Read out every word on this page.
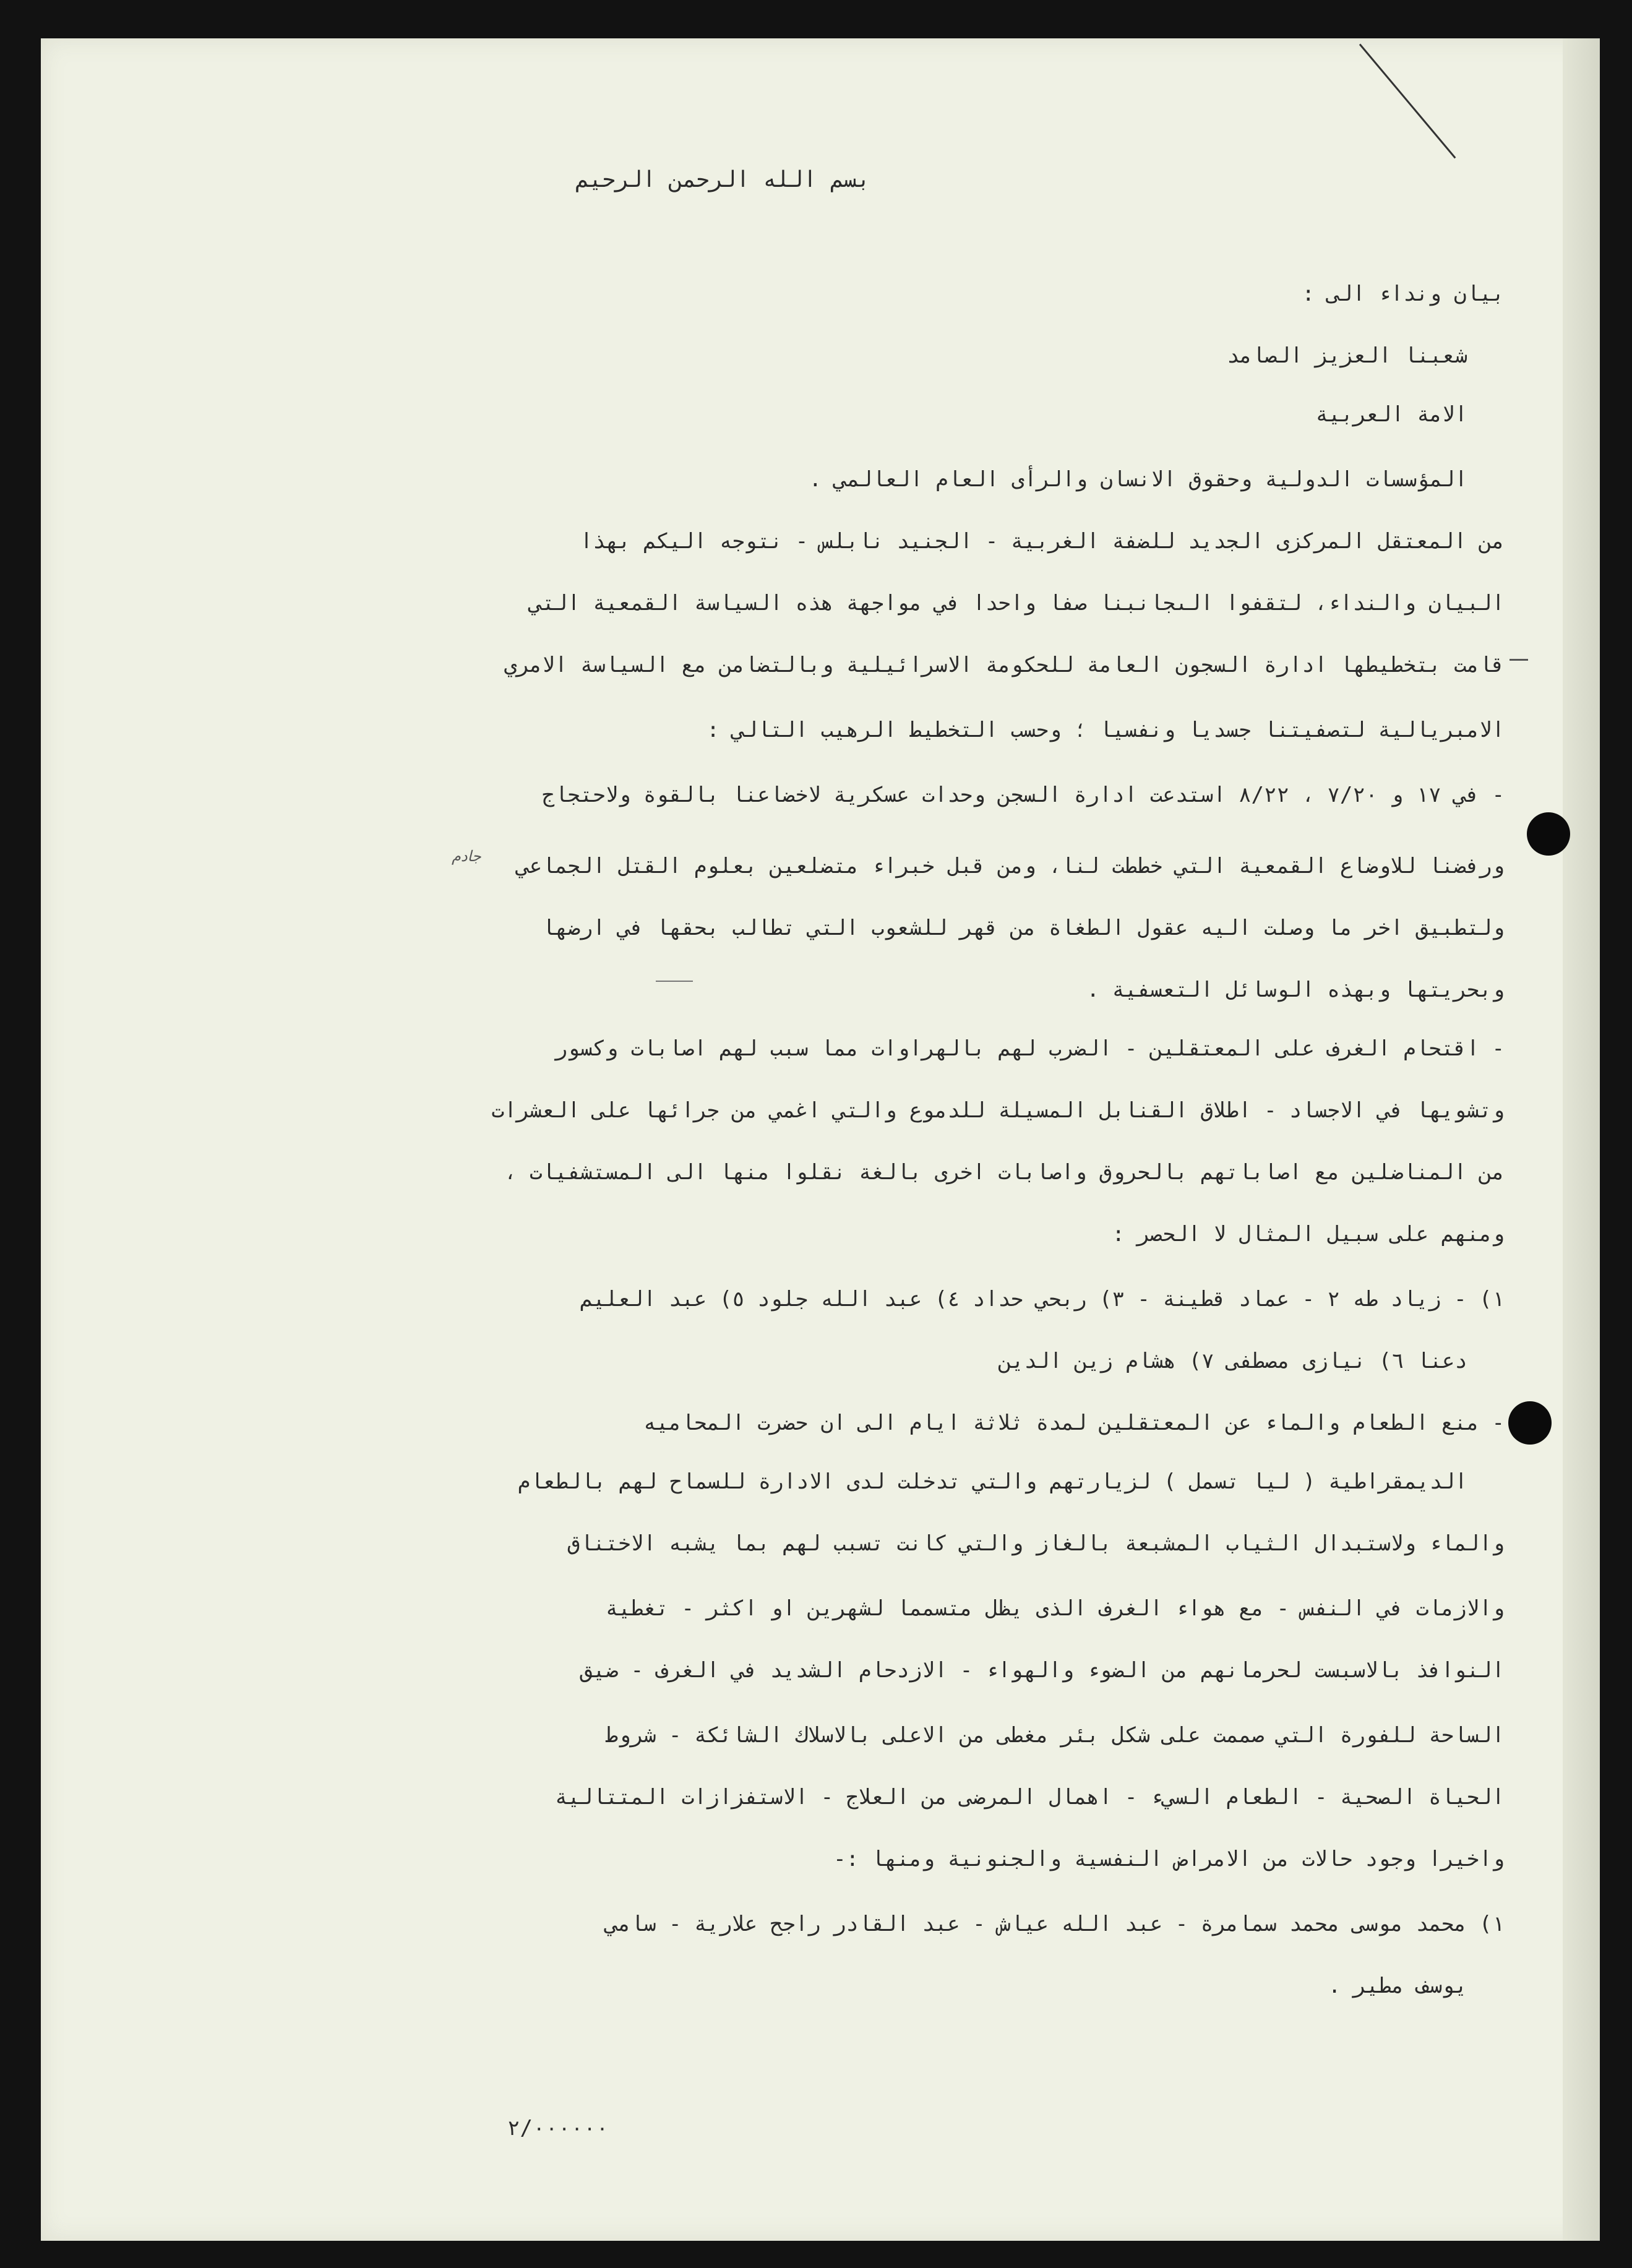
بسم الله الرحمن الرحيم
بيان ونداء الى :
شعبنا العزيز الصامد
الامة العربية
المؤسسات الدولية وحقوق الانسان والرأى العام العالمي .
من المعتقل المركزى الجديد للضفة الغربية - الجنيد نابلس - نتوجه اليكم بهذا
البيان والنداء، لتقفوا الىجانبنا صفا واحدا في مواجهة هذه السياسة القمعية التي
قامت بتخطيطها ادارة السجون العامة للحكومة الاسرائيلية وبالتضامن مع السياسة الامري
الامبريالية لتصفيتنا جسديا ونفسيا ؛ وحسب التخطيط الرهيب التالي :
- في ١٧ و ٧/٢٠ ، ٨/٢٢ استدعت ادارة السجن وحدات عسكرية لاخضاعنا بالقوة ولاحتجاج
ورفضنا للاوضاع القمعية التي خططت لنا، ومن قبل خبراء متضلعين بعلوم القتل الجماعي
ولتطبيق اخر ما وصلت اليه عقول الطغاة من قهر للشعوب التي تطالب بحقها في ارضها
وبحريتها وبهذه الوسائل التعسفية .
- اقتحام الغرف على المعتقلين - الضرب لهم بالهراوات مما سبب لهم اصابات وكسور
وتشويها في الاجساد - اطلاق القنابل المسيلة للدموع والتي اغمي من جرائها على العشرات
من المناضلين مع اصاباتهم بالحروق واصابات اخرى بالغة نقلوا منها الى المستشفيات ،
ومنهم على سبيل المثال لا الحصر :
١) - زياد طه ٢ - عماد قطينة - ٣) ربحي حداد ٤) عبد الله جلود ٥) عبد العليم
دعنا ٦) نيازى مصطفى ٧) هشام زين الدين
- منع الطعام والماء عن المعتقلين لمدة ثلاثة ايام الى ان حضرت المحاميه
الديمقراطية ( ليا تسمل ) لزيارتهم والتي تدخلت لدى الادارة للسماح لهم بالطعام
والماء ولاستبدال الثياب المشبعة بالغاز والتي كانت تسبب لهم بما يشبه الاختناق
والازمات في النفس - مع هواء الغرف الذى يظل متسمما لشهرين او اكثر - تغطية
النوافذ بالاسبست لحرمانهم من الضوء والهواء - الازدحام الشديد في الغرف - ضيق
الساحة للفورة التي صممت على شكل بئر مغطى من الاعلى بالاسلاك الشائكة - شروط
الحياة الصحية - الطعام السيء - اهمال المرضى من العلاج - الاستفزازات المتتالية
واخيرا وجود حالات من الامراض النفسية والجنونية ومنها :-
١) محمد موسى محمد سمامرة - عبد الله عياش - عبد القادر راجح علارية - سامي
يوسف مطير .
جادم
٢/٠٠٠٠٠٠
